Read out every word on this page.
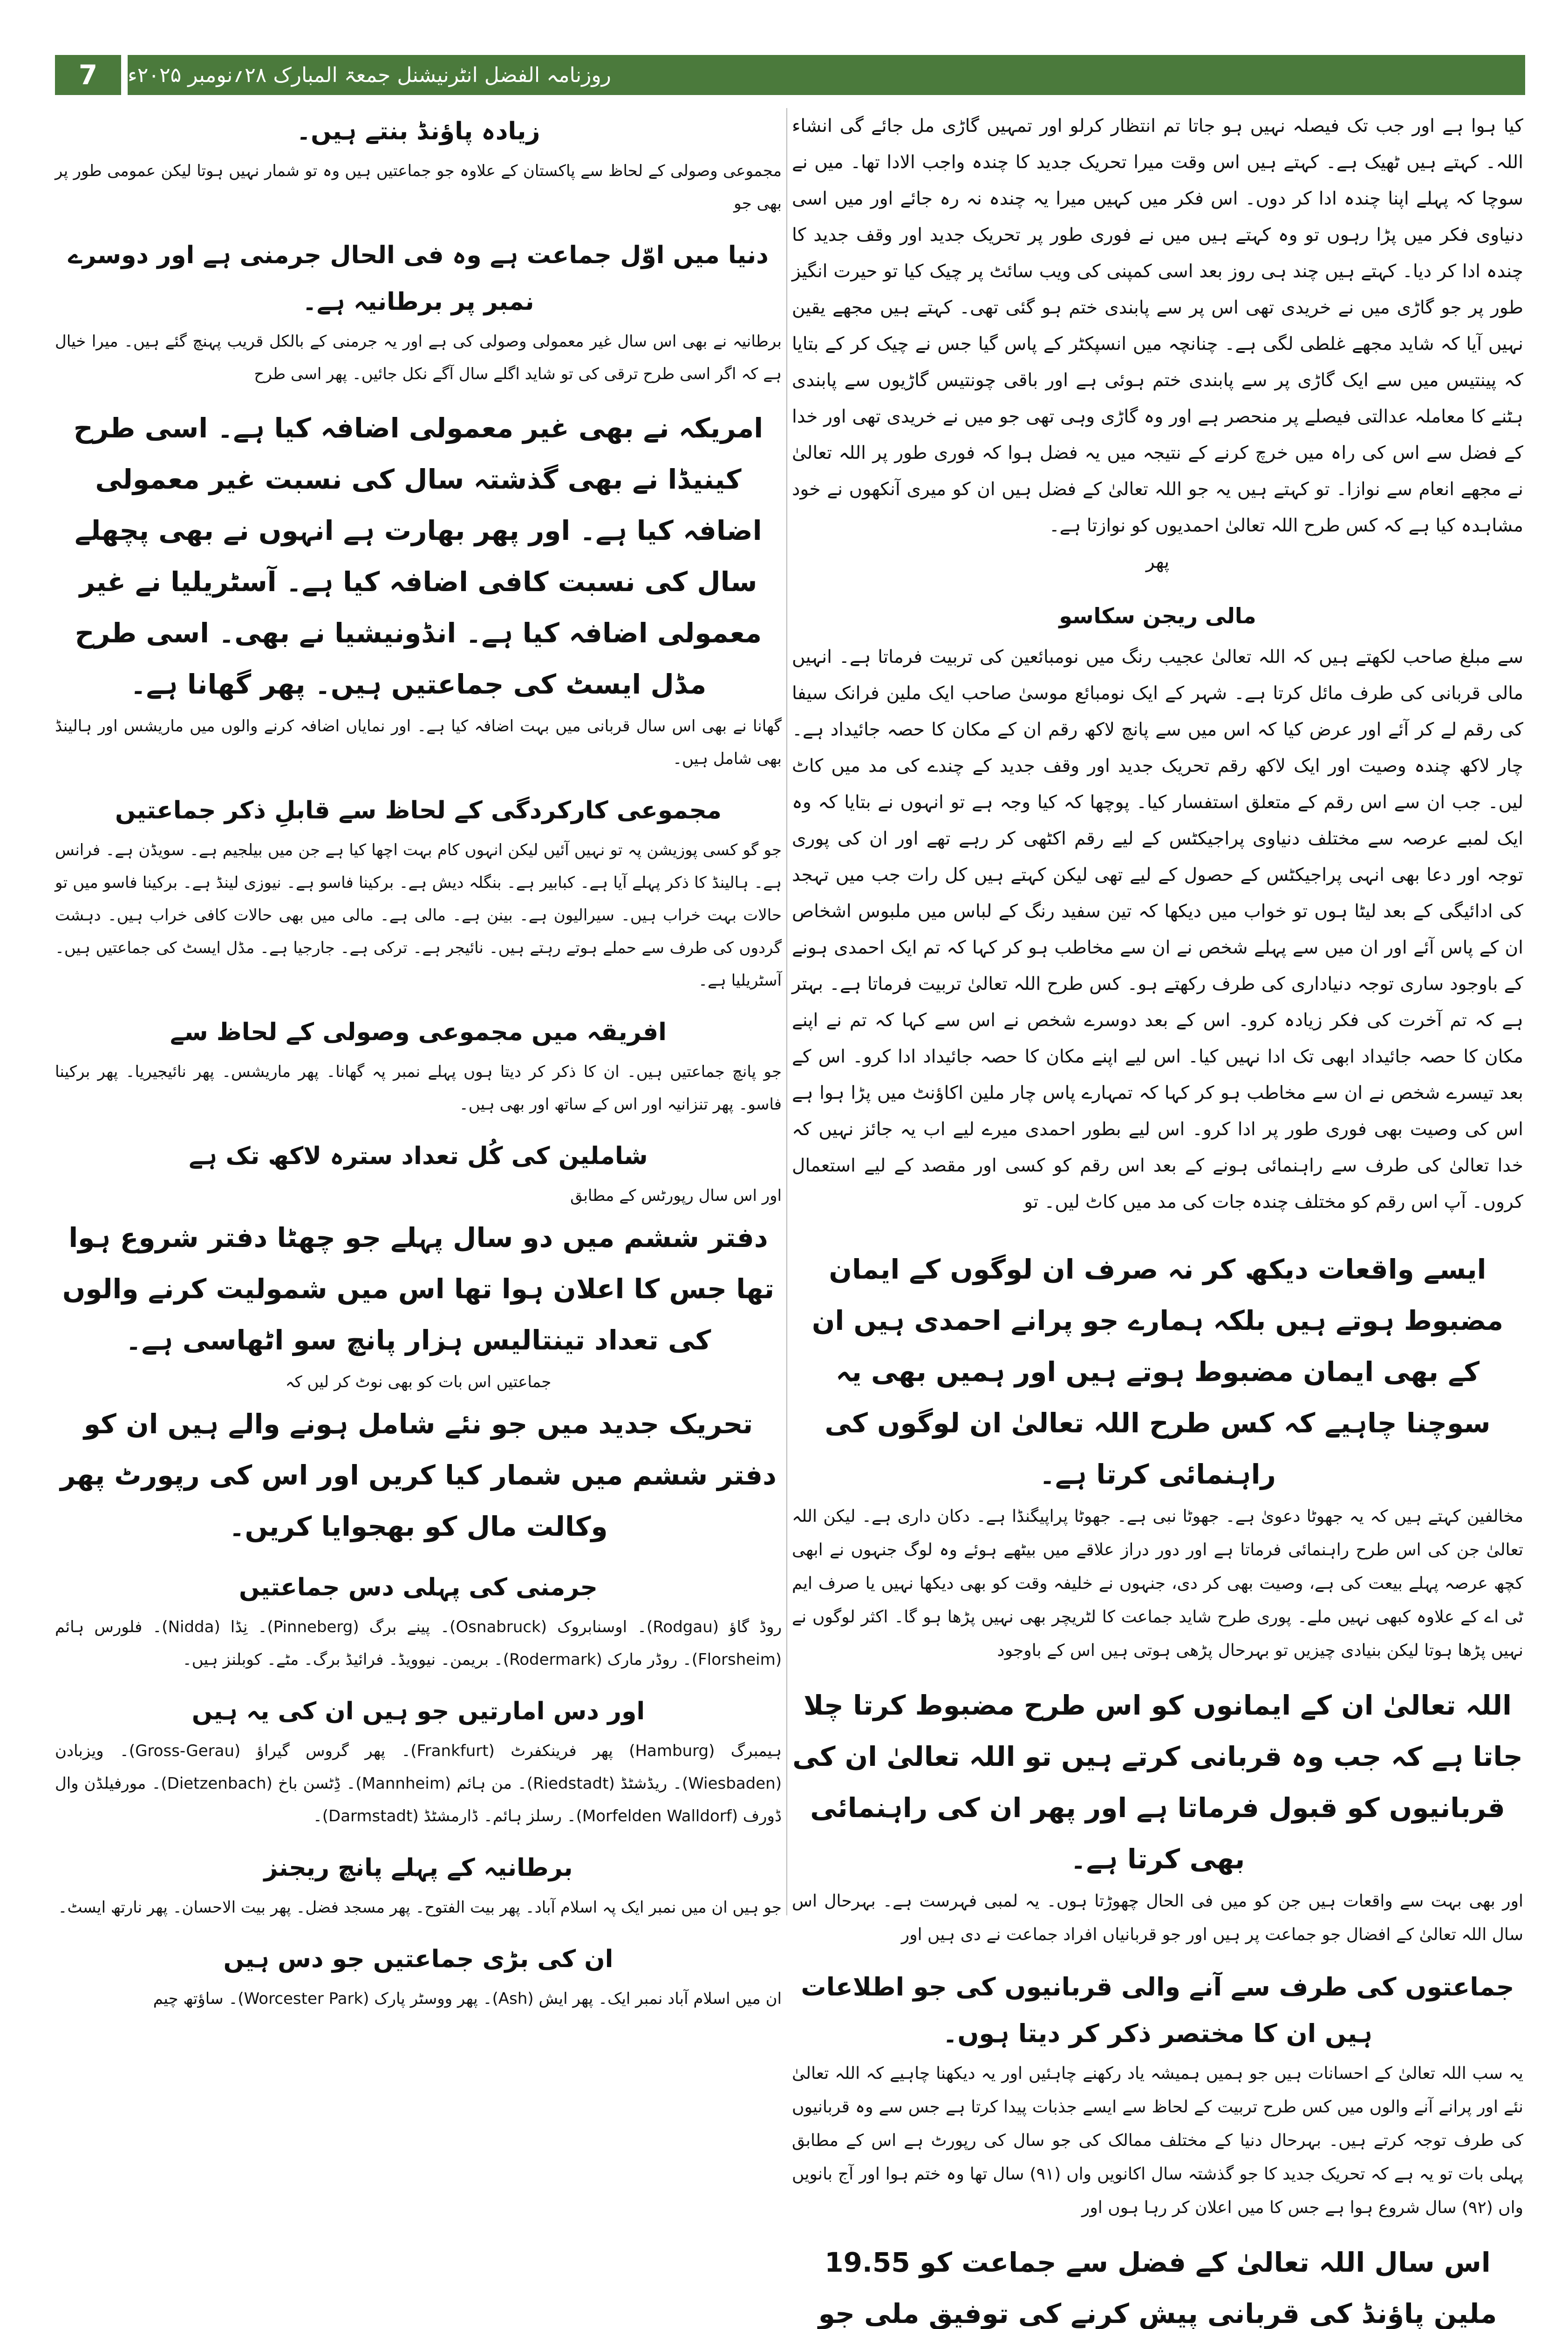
7	روزنامہ الفضل انٹرنیشنل جمعۃ المبارک ۲۸؍نومبر ۲۰۲۵ء

کیا ہوا ہے اور جب تک فیصلہ نہیں ہو جاتا تم انتظار کرلو اور تمہیں گاڑی مل جائے گی انشاء اللہ۔ کہتے ہیں ٹھیک ہے۔ کہتے ہیں اس وقت میرا تحریک جدید کا چندہ واجب الادا تھا۔ میں نے سوچا کہ پہلے اپنا چندہ ادا کر دوں۔ اس فکر میں کہیں میرا یہ چندہ نہ رہ جائے اور میں اسی دنیاوی فکر میں پڑا رہوں تو وہ کہتے ہیں میں نے فوری طور پر تحریک جدید اور وقف جدید کا چندہ ادا کر دیا۔ کہتے ہیں چند ہی روز بعد اسی کمپنی کی ویب سائٹ پر چیک کیا تو حیرت انگیز طور پر جو گاڑی میں نے خریدی تھی اس پر سے پابندی ختم ہو گئی تھی۔ کہتے ہیں مجھے یقین نہیں آیا کہ شاید مجھے غلطی لگی ہے۔ چنانچہ میں انسپکٹر کے پاس گیا جس نے چیک کر کے بتایا کہ پینتیس میں سے ایک گاڑی پر سے پابندی ختم ہوئی ہے اور باقی چونتیس گاڑیوں سے پابندی ہٹنے کا معاملہ عدالتی فیصلے پر منحصر ہے اور وہ گاڑی وہی تھی جو میں نے خریدی تھی اور خدا کے فضل سے اس کی راہ میں خرچ کرنے کے نتیجہ میں یہ فضل ہوا کہ فوری طور پر اللہ تعالیٰ نے مجھے انعام سے نوازا۔ تو کہتے ہیں یہ جو اللہ تعالیٰ کے فضل ہیں ان کو میری آنکھوں نے خود مشاہدہ کیا ہے کہ کس طرح اللہ تعالیٰ احمدیوں کو نوازتا ہے۔

پھر

مالی ریجن سکاسو

سے مبلغ صاحب لکھتے ہیں کہ اللہ تعالیٰ عجیب رنگ میں نومبائعین کی تربیت فرماتا ہے۔ انہیں مالی قربانی کی طرف مائل کرتا ہے۔ شہر کے ایک نومبائع موسیٰ صاحب ایک ملین فرانک سیفا کی رقم لے کر آئے اور عرض کیا کہ اس میں سے پانچ لاکھ رقم ان کے مکان کا حصہ جائیداد ہے۔ چار لاکھ چندہ وصیت اور ایک لاکھ رقم تحریک جدید اور وقف جدید کے چندے کی مد میں کاٹ لیں۔ جب ان سے اس رقم کے متعلق استفسار کیا۔ پوچھا کہ کیا وجہ ہے تو انہوں نے بتایا کہ وہ ایک لمبے عرصہ سے مختلف دنیاوی پراجیکٹس کے لیے رقم اکٹھی کر رہے تھے اور ان کی پوری توجہ اور دعا بھی انہی پراجیکٹس کے حصول کے لیے تھی لیکن کہتے ہیں کل رات جب میں تہجد کی ادائیگی کے بعد لیٹا ہوں تو خواب میں دیکھا کہ تین سفید رنگ کے لباس میں ملبوس اشخاص ان کے پاس آئے اور ان میں سے پہلے شخص نے ان سے مخاطب ہو کر کہا کہ تم ایک احمدی ہونے کے باوجود ساری توجہ دنیاداری کی طرف رکھتے ہو۔ کس طرح اللہ تعالیٰ تربیت فرماتا ہے۔ بہتر ہے کہ تم آخرت کی فکر زیادہ کرو۔ اس کے بعد دوسرے شخص نے اس سے کہا کہ تم نے اپنے مکان کا حصہ جائیداد ابھی تک ادا نہیں کیا۔ اس لیے اپنے مکان کا حصہ جائیداد ادا کرو۔ اس کے بعد تیسرے شخص نے ان سے مخاطب ہو کر کہا کہ تمہارے پاس چار ملین اکاؤنٹ میں پڑا ہوا ہے اس کی وصیت بھی فوری طور پر ادا کرو۔ اس لیے بطور احمدی میرے لیے اب یہ جائز نہیں کہ خدا تعالیٰ کی طرف سے راہنمائی ہونے کے بعد اس رقم کو کسی اور مقصد کے لیے استعمال کروں۔ آپ اس رقم کو مختلف چندہ جات کی مد میں کاٹ لیں۔ تو

ایسے واقعات دیکھ کر نہ صرف ان لوگوں کے ایمان مضبوط ہوتے ہیں بلکہ ہمارے جو پرانے احمدی ہیں ان کے بھی ایمان مضبوط ہوتے ہیں اور ہمیں بھی یہ سوچنا چاہیے کہ کس طرح اللہ تعالیٰ ان لوگوں کی راہنمائی کرتا ہے۔

مخالفین کہتے ہیں کہ یہ جھوٹا دعویٰ ہے۔ جھوٹا نبی ہے۔ جھوٹا پراپیگنڈا ہے۔ دکان داری ہے۔ لیکن اللہ تعالیٰ جن کی اس طرح راہنمائی فرماتا ہے اور دور دراز علاقے میں بیٹھے ہوئے وہ لوگ جنہوں نے ابھی کچھ عرصہ پہلے بیعت کی ہے، وصیت بھی کر دی، جنہوں نے خلیفہ وقت کو بھی دیکھا نہیں یا صرف ایم ٹی اے کے علاوہ کبھی نہیں ملے۔ پوری طرح شاید جماعت کا لٹریچر بھی نہیں پڑھا ہو گا۔ اکثر لوگوں نے نہیں پڑھا ہوتا لیکن بنیادی چیزیں تو بہرحال پڑھی ہوتی ہیں اس کے باوجود

اللہ تعالیٰ ان کے ایمانوں کو اس طرح مضبوط کرتا چلا جاتا ہے کہ جب وہ قربانی کرتے ہیں تو اللہ تعالیٰ ان کی قربانیوں کو قبول فرماتا ہے اور پھر ان کی راہنمائی بھی کرتا ہے۔

اور بھی بہت سے واقعات ہیں جن کو میں فی الحال چھوڑتا ہوں۔ یہ لمبی فہرست ہے۔ بہرحال اس سال اللہ تعالیٰ کے افضال جو جماعت پر ہیں اور جو قربانیاں افراد جماعت نے دی ہیں اور

جماعتوں کی طرف سے آنے والی قربانیوں کی جو اطلاعات ہیں ان کا مختصر ذکر کر دیتا ہوں۔

یہ سب اللہ تعالیٰ کے احسانات ہیں جو ہمیں ہمیشہ یاد رکھنے چاہئیں اور یہ دیکھنا چاہیے کہ اللہ تعالیٰ نئے اور پرانے آنے والوں میں کس طرح تربیت کے لحاظ سے ایسے جذبات پیدا کرتا ہے جس سے وہ قربانیوں کی طرف توجہ کرتے ہیں۔ بہرحال دنیا کے مختلف ممالک کی جو سال کی رپورٹ ہے اس کے مطابق پہلی بات تو یہ ہے کہ تحریک جدید کا جو گذشتہ سال اکانویں واں (۹۱) سال تھا وہ ختم ہوا اور آج بانویں واں (۹۲) سال شروع ہوا ہے جس کا میں اعلان کر رہا ہوں اور

اس سال اللہ تعالیٰ کے فضل سے جماعت کو 19.55 ملین پاؤنڈ کی قربانی پیش کرنے کی توفیق ملی جو

زیادہ پاؤنڈ بنتے ہیں۔

مجموعی وصولی کے لحاظ سے پاکستان کے علاوہ جو جماعتیں ہیں وہ تو شمار نہیں ہوتا لیکن عمومی طور پر بھی جو

دنیا میں اوّل جماعت ہے وہ فی الحال جرمنی ہے اور دوسرے نمبر پر برطانیہ ہے۔

برطانیہ نے بھی اس سال غیر معمولی وصولی کی ہے اور یہ جرمنی کے بالکل قریب پہنچ گئے ہیں۔ میرا خیال ہے کہ اگر اسی طرح ترقی کی تو شاید اگلے سال آگے نکل جائیں۔ پھر اسی طرح

امریکہ نے بھی غیر معمولی اضافہ کیا ہے۔ اسی طرح کینیڈا نے بھی گذشتہ سال کی نسبت غیر معمولی اضافہ کیا ہے۔ اور پھر بھارت ہے انہوں نے بھی پچھلے سال کی نسبت کافی اضافہ کیا ہے۔ آسٹریلیا نے غیر معمولی اضافہ کیا ہے۔ انڈونیشیا نے بھی۔ اسی طرح مڈل ایسٹ کی جماعتیں ہیں۔ پھر گھانا ہے۔

گھانا نے بھی اس سال قربانی میں بہت اضافہ کیا ہے۔ اور نمایاں اضافہ کرنے والوں میں ماریشس اور ہالینڈ بھی شامل ہیں۔

مجموعی کارکردگی کے لحاظ سے قابلِ ذکر جماعتیں

جو گو کسی پوزیشن پہ تو نہیں آئیں لیکن انہوں کام بہت اچھا کیا ہے جن میں بیلجیم ہے۔ سویڈن ہے۔ فرانس ہے۔ ہالینڈ کا ذکر پہلے آیا ہے۔ کبابیر ہے۔ بنگلہ دیش ہے۔ برکینا فاسو ہے۔ نیوزی لینڈ ہے۔ برکینا فاسو میں تو حالات بہت خراب ہیں۔ سیرالیون ہے۔ بینن ہے۔ مالی ہے۔ مالی میں بھی حالات کافی خراب ہیں۔ دہشت گردوں کی طرف سے حملے ہوتے رہتے ہیں۔ نائیجر ہے۔ ترکی ہے۔ جارجیا ہے۔ مڈل ایسٹ کی جماعتیں ہیں۔ آسٹریلیا ہے۔

افریقہ میں مجموعی وصولی کے لحاظ سے

جو پانچ جماعتیں ہیں۔ ان کا ذکر کر دیتا ہوں پہلے نمبر پہ گھانا۔ پھر ماریشس۔ پھر نائیجیریا۔ پھر برکینا فاسو۔ پھر تنزانیہ اور اس کے ساتھ اور بھی ہیں۔

شاملین کی کُل تعداد سترہ لاکھ تک ہے

اور اس سال رپورٹس کے مطابق

دفتر ششم میں دو سال پہلے جو چھٹا دفتر شروع ہوا تھا جس کا اعلان ہوا تھا اس میں شمولیت کرنے والوں کی تعداد تینتالیس ہزار پانچ سو اٹھاسی ہے۔

جماعتیں اس بات کو بھی نوٹ کر لیں کہ

تحریک جدید میں جو نئے شامل ہونے والے ہیں ان کو دفتر ششم میں شمار کیا کریں اور اس کی رپورٹ پھر وکالت مال کو بھجوایا کریں۔

جرمنی کی پہلی دس جماعتیں

روڈ گاؤ (Rodgau)۔ اوسنابروک (Osnabruck)۔ پینے برگ (Pinneberg)۔ نِڈا (Nidda)۔ فلورس ہائم (Florsheim)۔ روڈر مارک (Rodermark)۔ بریمن۔ نیوویڈ۔ فرائیڈ برگ۔ مٹے۔ کوبلنز ہیں۔

اور دس امارتیں جو ہیں ان کی یہ ہیں

ہیمبرگ (Hamburg) پھر فرینکفرٹ (Frankfurt)۔ پھر گروس گیراؤ (Gross-Gerau)۔ ویزبادن (Wiesbaden)۔ ریڈشٹڈ (Riedstadt)۔ من ہائم (Mannheim)۔ ڈِٹسن باخ (Dietzenbach)۔ مورفیلڈن وال ڈورف (Morfelden Walldorf)۔ رسلز ہائم۔ ڈارمشٹڈ (Darmstadt)۔

برطانیہ کے پہلے پانچ ریجنز

جو ہیں ان میں نمبر ایک پہ اسلام آباد۔ پھر بیت الفتوح۔ پھر مسجد فضل۔ پھر بیت الاحسان۔ پھر نارتھ ایسٹ۔

ان کی بڑی جماعتیں جو دس ہیں

ان میں اسلام آباد نمبر ایک۔ پھر ایش (Ash)۔ پھر ووسٹر پارک (Worcester Park)۔ ساؤتھ چیم
